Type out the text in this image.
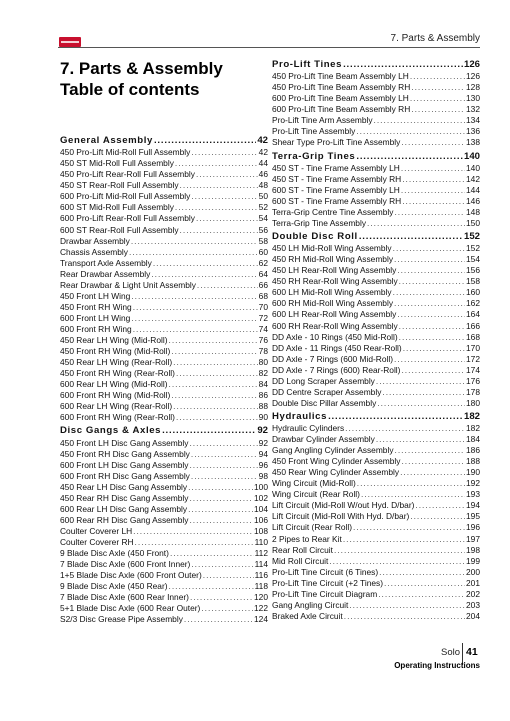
7. Parts & Assembly
7. Parts & Assembly
Table of contents
General Assembly .....	42
450 Pro-Lift Mid-Roll Full Assembly .....	42
450 ST Mid-Roll Full Assembly .....	44
450 Pro-Lift Rear-Roll Full Assembly .....	46
450 ST Rear-Roll Full Assembly .....	48
600 Pro-Lift Mid-Roll Full Assembly .....	50
600 ST Mid-Roll Full Assembly .....	52
600 Pro-Lift Rear-Roll Full Assembly .....	54
600 ST Rear-Roll Full Assembly .....	56
Drawbar Assembly .....	58
Chassis Assembly .....	60
Transport Axle Assembly .....	62
Rear Drawbar Assembly .....	64
Rear Drawbar & Light Unit Assembly .....	66
450 Front LH Wing .....	68
450 Front RH Wing .....	70
600 Front LH Wing .....	72
600 Front RH Wing .....	74
450 Rear LH Wing (Mid-Roll) .....	76
450 Front RH Wing (Mid-Roll) .....	78
450 Rear LH Wing (Rear-Roll) .....	80
450 Front RH Wing (Rear-Roll) .....	82
600 Rear LH Wing (Mid-Roll) .....	84
600 Front RH Wing (Mid-Roll) .....	86
600 Rear LH Wing (Rear-Roll) .....	88
600 Front RH Wing (Rear-Roll) .....	90
Disc Gangs & Axles .....	92
450 Front LH Disc Gang Assembly .....	92
450 Front RH Disc Gang Assembly .....	94
600 Front LH Disc Gang Assembly .....	96
600 Front RH Disc Gang Assembly .....	98
450 Rear LH Disc Gang Assembly .....	100
450 Rear RH Disc Gang Assembly .....	102
600 Rear LH Disc Gang Assembly .....	104
600 Rear RH Disc Gang Assembly .....	106
Coulter Coverer LH .....	108
Coulter Coverer RH .....	110
9 Blade Disc Axle (450 Front) .....	112
7 Blade Disc Axle (600 Front Inner) .....	114
1+5 Blade Disc Axle (600 Front Outer) .....	116
9 Blade Disc Axle (450 Rear) .....	118
7 Blade Disc Axle (600 Rear Inner) .....	120
5+1 Blade Disc Axle (600 Rear Outer) .....	122
S2/3 Disc Grease Pipe Assembly .....	124
Pro-Lift Tines .....	126
450 Pro-Lift Tine Beam Assembly LH .....	126
450 Pro-Lift Tine Beam Assembly RH .....	128
600 Pro-Lift Tine Beam Assembly LH .....	130
600 Pro-Lift Tine Beam Assembly RH .....	132
Pro-Lift Tine Arm Assembly .....	134
Pro-Lift Tine Assembly .....	136
Shear Type Pro-Lift Tine Assembly .....	138
Terra-Grip Tines .....	140
450 ST - Tine Frame Assembly LH .....	140
450 ST - Tine Frame Assembly RH .....	142
600 ST - Tine Frame Assembly LH .....	144
600 ST - Tine Frame Assembly RH .....	146
Terra-Grip Centre Tine Assembly .....	148
Terra-Grip Tine Assembly .....	150
Double Disc Roll .....	152
450 LH Mid-Roll Wing Assembly .....	152
450 RH Mid-Roll Wing Assembly .....	154
450 LH Rear-Roll Wing Assembly .....	156
450 RH Rear-Roll Wing Assembly .....	158
600 LH Mid-Roll Wing Assembly .....	160
600 RH Mid-Roll Wing Assembly .....	162
600 LH Rear-Roll Wing Assembly .....	164
600 RH Rear-Roll Wing Assembly .....	166
DD Axle - 10 Rings (450 Mid-Roll) .....	168
DD Axle - 11 Rings (450 Rear-Roll) .....	170
DD Axle - 7 Rings (600 Mid-Roll) .....	172
DD Axle - 7 Rings (600) Rear-Roll) .....	174
DD Long Scraper Assembly .....	176
DD Centre Scraper Assembly .....	178
Double Disc Pillar Assembly .....	180
Hydraulics .....	182
Hydraulic Cylinders .....	182
Drawbar Cylinder Assembly .....	184
Gang Angling Cylinder Assembly .....	186
450 Front Wing Cylinder Assembly .....	188
450 Rear Wing Cylinder Assembly .....	190
Wing Circuit (Mid-Roll) .....	192
Wing Circuit (Rear Roll) .....	193
Lift Circuit (Mid-Roll W/out Hyd. D/bar) .....	194
Lift Circuit (Mid-Roll With Hyd. D/bar) .....	195
Lift Circuit (Rear Roll) .....	196
2 Pipes to Rear Kit .....	197
Rear Roll Circuit .....	198
Mid Roll Circuit .....	199
Pro-Lift Tine Circuit (6 Tines) .....	200
Pro-Lift Tine Circuit (+2 Tines) .....	201
Pro-Lift Tine Circuit Diagram .....	202
Gang Angling Circuit .....	203
Braked Axle Circuit .....	204
Solo 41
Operating Instructions
